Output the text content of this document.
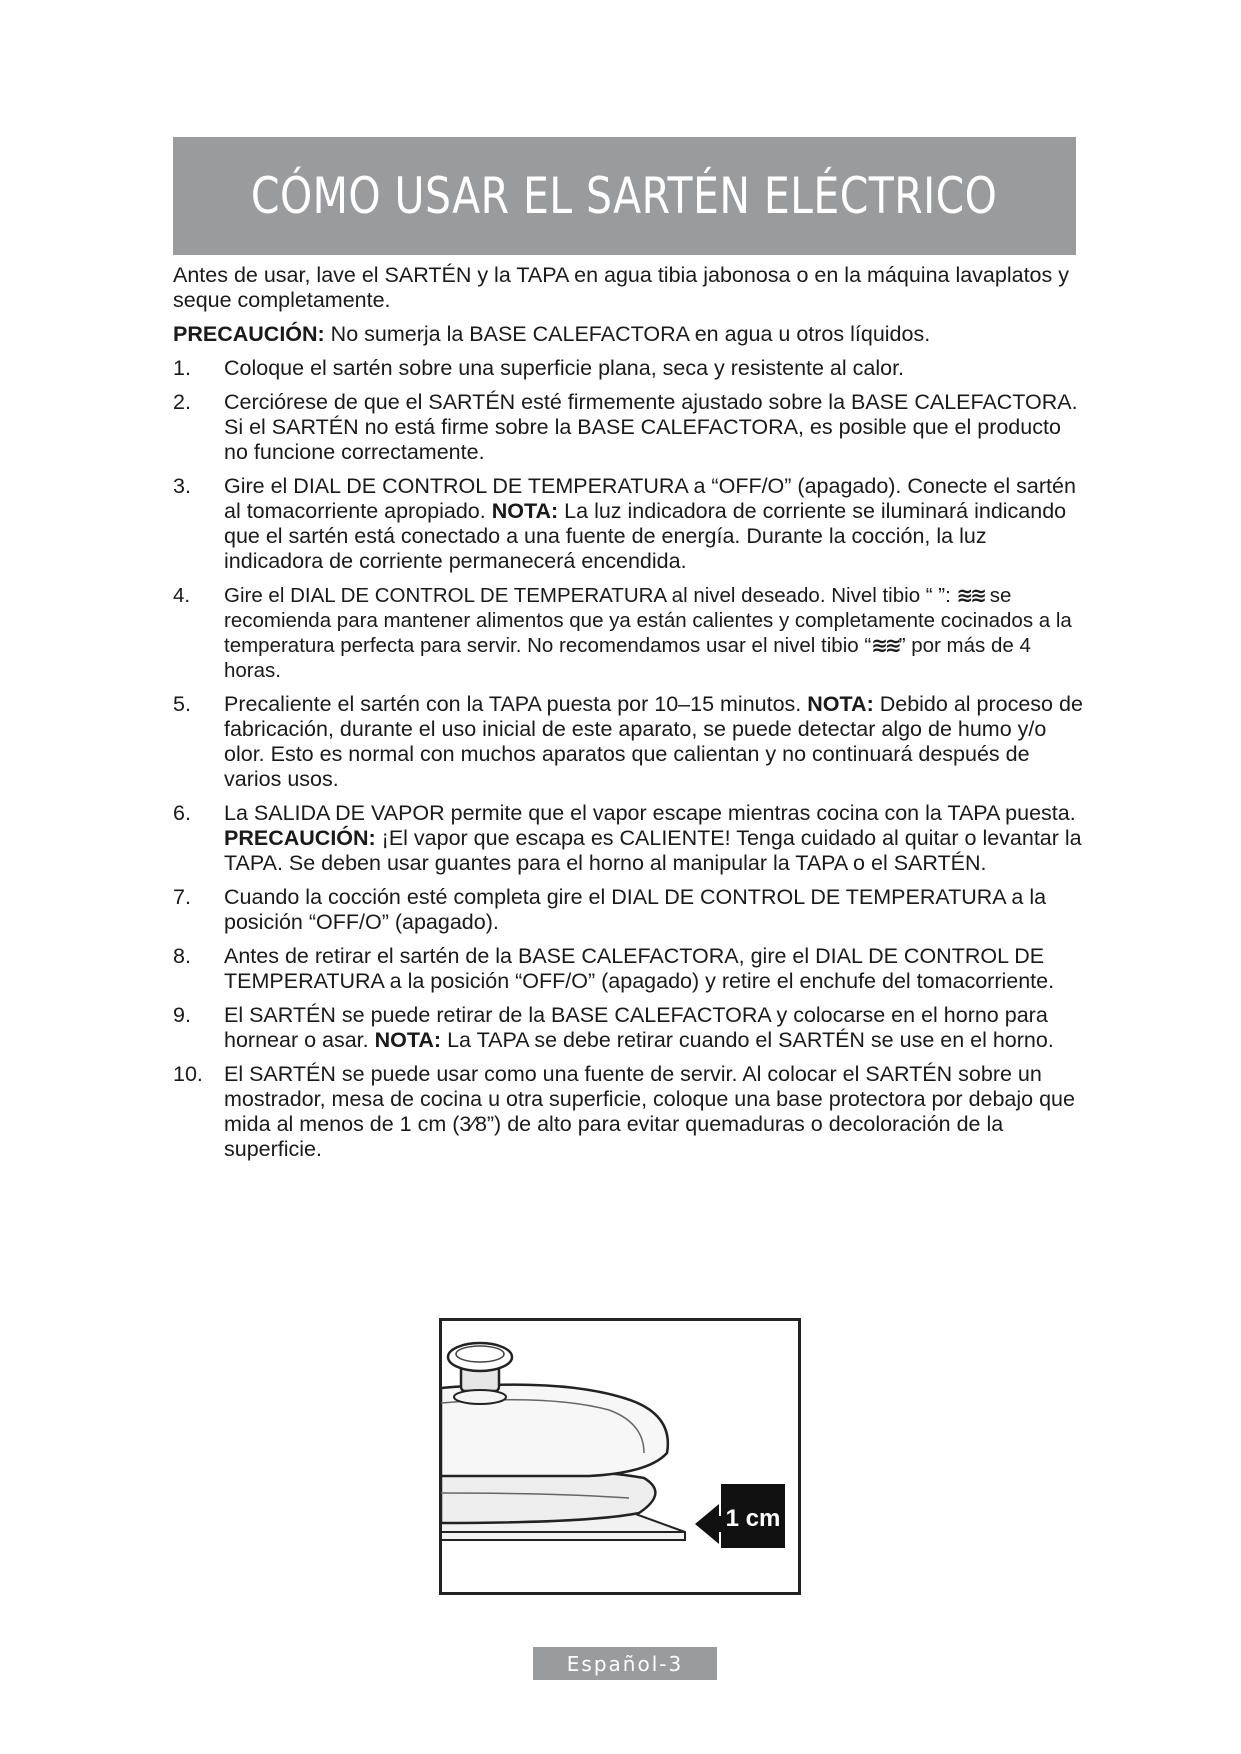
CÓMO USAR EL SARTÉN ELÉCTRICO

Antes de usar, lave el SARTÉN y la TAPA en agua tibia jabonosa o en la máquina lavaplatos y seque completamente.

PRECAUCIÓN: No sumerja la BASE CALEFACTORA en agua u otros líquidos.

1. Coloque el sartén sobre una superficie plana, seca y resistente al calor.
2. Cerciórese de que el SARTÉN esté firmemente ajustado sobre la BASE CALEFACTORA. Si el SARTÉN no está firme sobre la BASE CALEFACTORA, es posible que el producto no funcione correctamente.
3. Gire el DIAL DE CONTROL DE TEMPERATURA a “OFF/O” (apagado). Conecte el sartén al tomacorriente apropiado. NOTA: La luz indicadora de corriente se iluminará indicando que el sartén está conectado a una fuente de energía. Durante la cocción, la luz indicadora de corriente permanecerá encendida.
4. Gire el DIAL DE CONTROL DE TEMPERATURA al nivel deseado. Nivel tibio “ ”: ≋≋ se recomienda para mantener alimentos que ya están calientes y completamente cocinados a la temperatura perfecta para servir. No recomendamos usar el nivel tibio “≋≋” por más de 4 horas.
5. Precaliente el sartén con la TAPA puesta por 10–15 minutos. NOTA: Debido al proceso de fabricación, durante el uso inicial de este aparato, se puede detectar algo de humo y/o olor. Esto es normal con muchos aparatos que calientan y no continuará después de varios usos.
6. La SALIDA DE VAPOR permite que el vapor escape mientras cocina con la TAPA puesta. PRECAUCIÓN: ¡El vapor que escapa es CALIENTE! Tenga cuidado al quitar o levantar la TAPA. Se deben usar guantes para el horno al manipular la TAPA o el SARTÉN.
7. Cuando la cocción esté completa gire el DIAL DE CONTROL DE TEMPERATURA a la posición “OFF/O” (apagado).
8. Antes de retirar el sartén de la BASE CALEFACTORA, gire el DIAL DE CONTROL DE TEMPERATURA a la posición “OFF/O” (apagado) y retire el enchufe del tomacorriente.
9. El SARTÉN se puede retirar de la BASE CALEFACTORA y colocarse en el horno para hornear o asar. NOTA: La TAPA se debe retirar cuando el SARTÉN se use en el horno.
10. El SARTÉN se puede usar como una fuente de servir. Al colocar el SARTÉN sobre un mostrador, mesa de cocina u otra superficie, coloque una base protectora por debajo que mida al menos de 1 cm (3⁄8”) de alto para evitar quemaduras o decoloración de la superficie.
1 cm
Español-3
